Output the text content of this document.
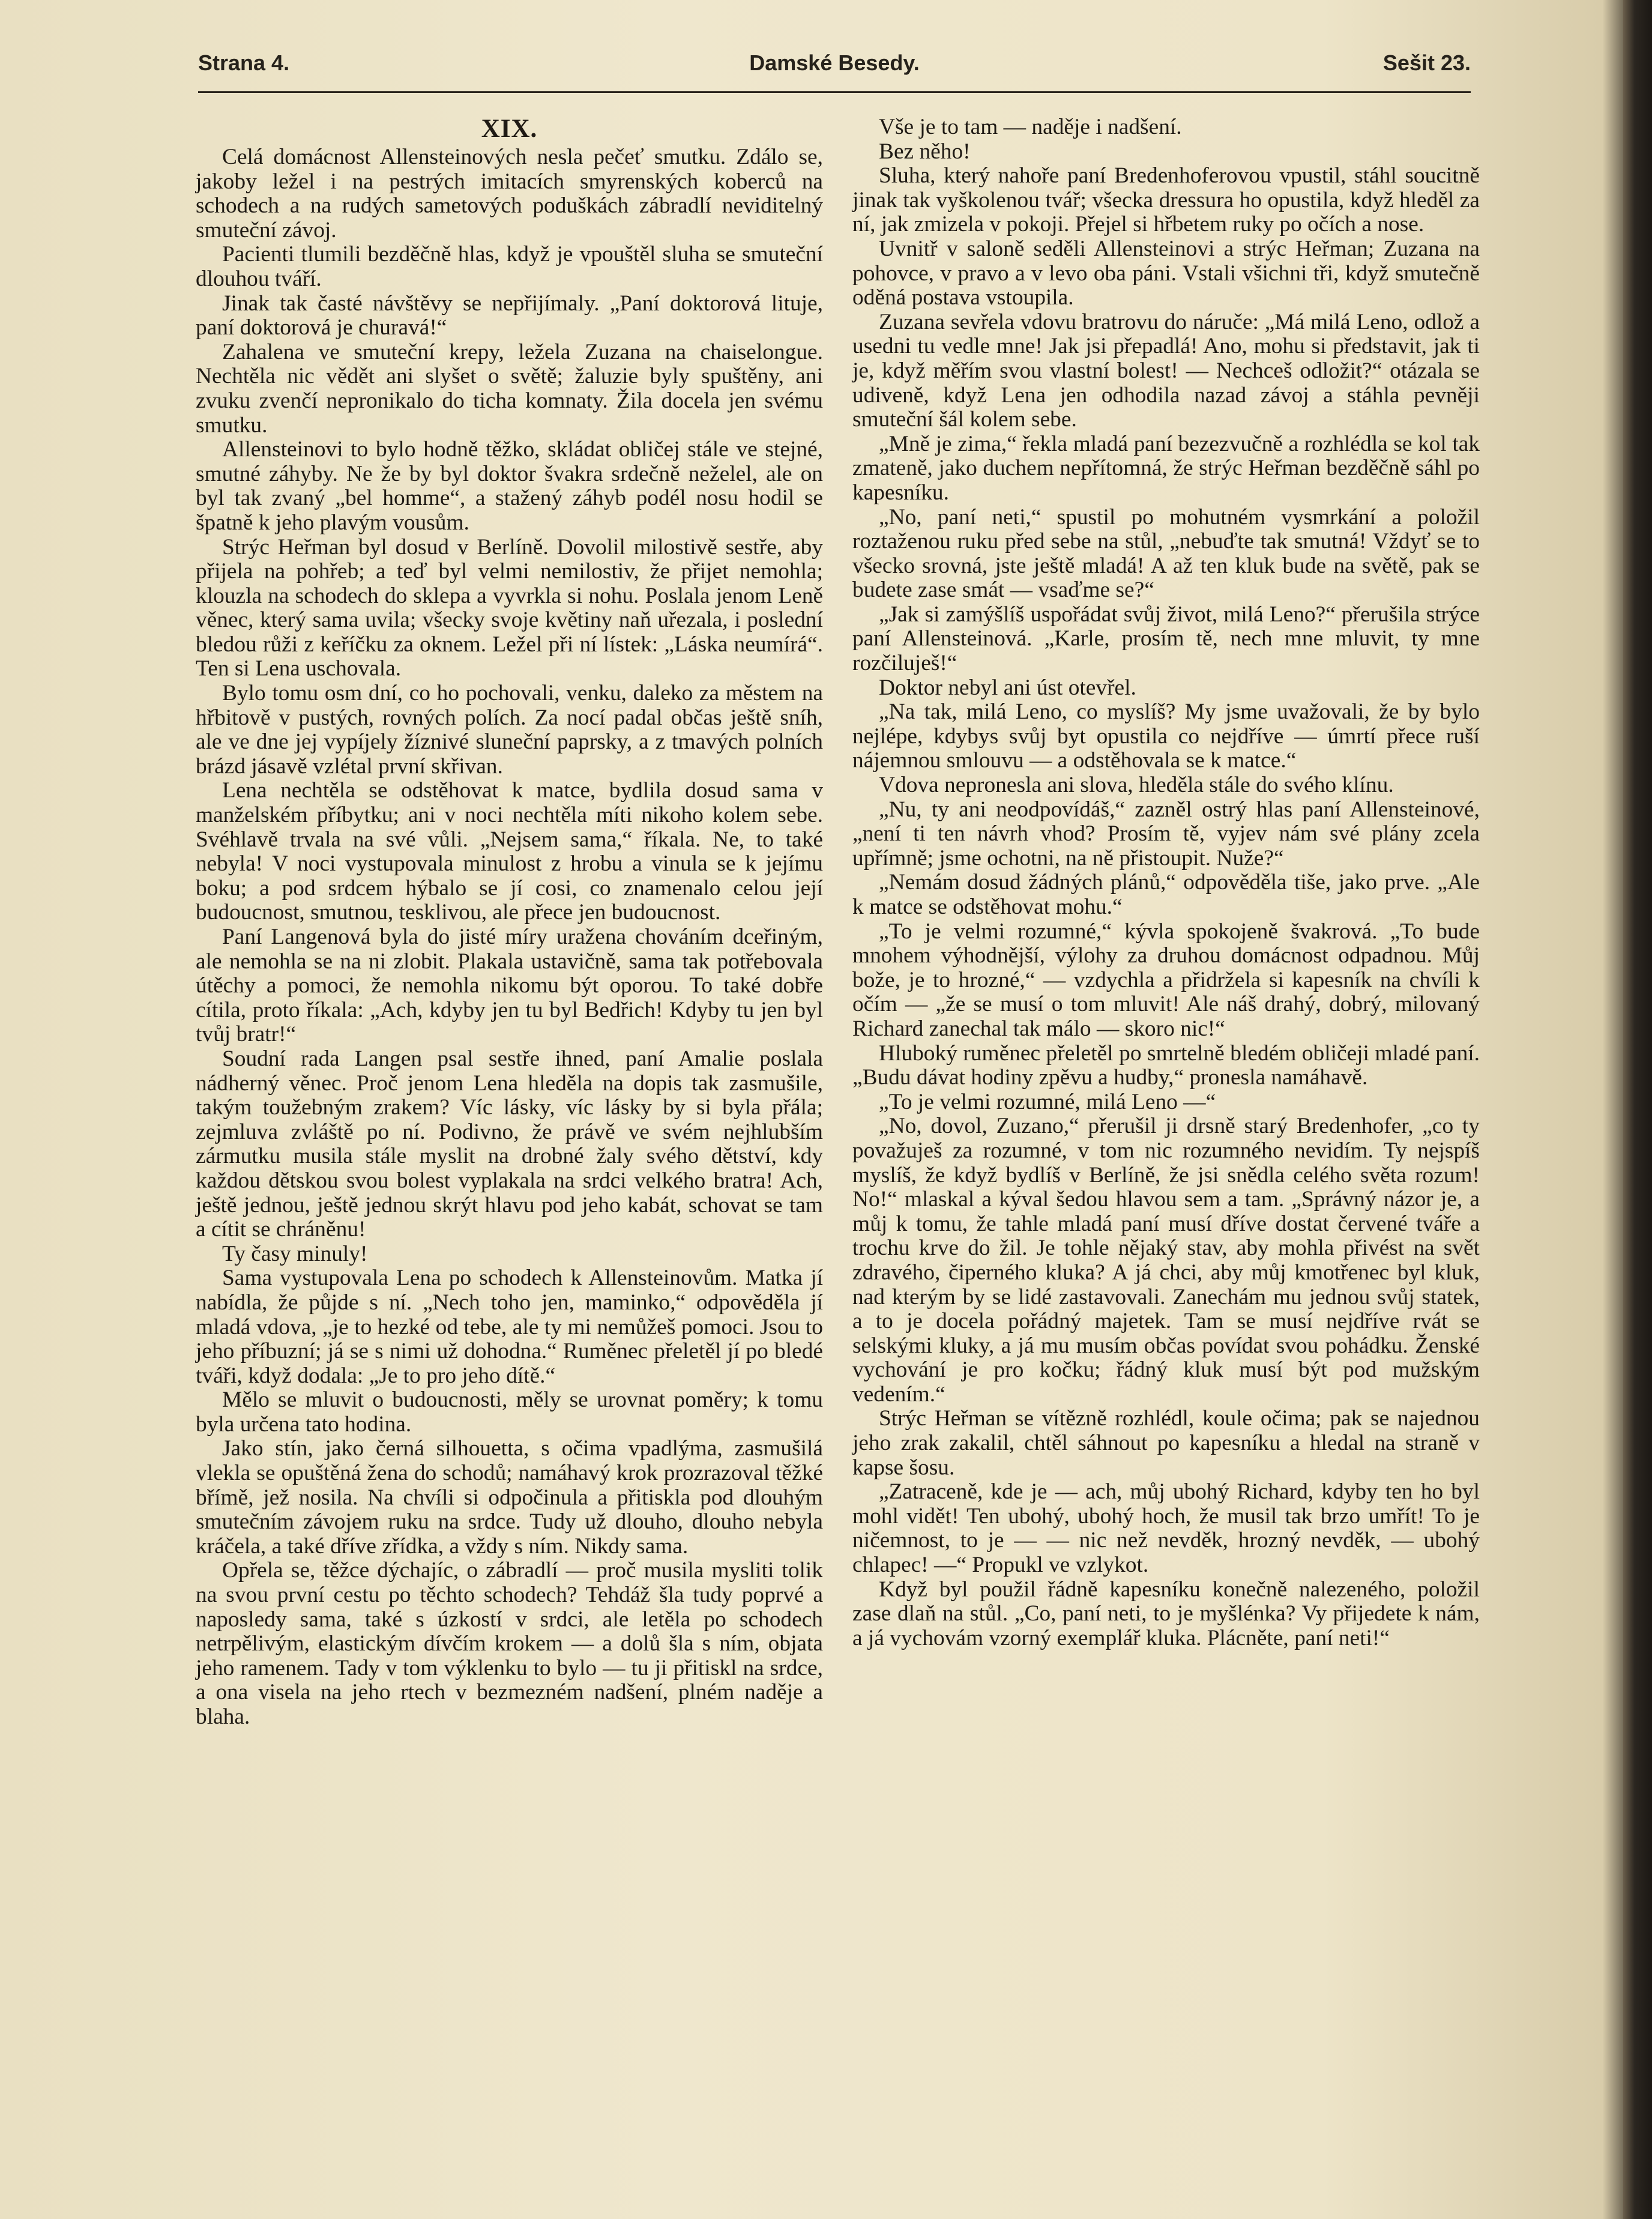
Strana 4.	Damské Besedy.	Sešit 23.
XIX.

Celá domácnost Allensteinových nesla pečeť smutku. Zdálo se, jakoby ležel i na pestrých imitacích smyrenských koberců na schodech a na rudých sametových poduškách zábradlí neviditelný smuteční závoj.

Pacienti tlumili bezděčně hlas, když je vpouštěl sluha se smuteční dlouhou tváří.

Jinak tak časté návštěvy se nepřijímaly. „Paní doktorová lituje, paní doktorová je churavá!“

Zahalena ve smuteční krepy, ležela Zuzana na chaiselongue. Nechtěla nic vědět ani slyšet o světě; žaluzie byly spuštěny, ani zvuku zvenčí nepronikalo do ticha komnaty. Žila docela jen svému smutku.

Allensteinovi to bylo hodně těžko, skládat obličej stále ve stejné, smutné záhyby. Ne že by byl doktor švakra srdečně neželel, ale on byl tak zvaný „bel homme“, a stažený záhyb podél nosu hodil se špatně k jeho plavým vousům.

Strýc Heřman byl dosud v Berlíně. Dovolil milostivě sestře, aby přijela na pohřeb; a teď byl velmi nemilostiv, že přijet nemohla; klouzla na schodech do sklepa a vyvrkla si nohu. Poslala jenom Leně věnec, který sama uvila; všecky svoje květiny naň uřezala, i poslední bledou růži z keříčku za oknem. Ležel při ní lístek: „Láska neumírá“. Ten si Lena uschovala.

Bylo tomu osm dní, co ho pochovali, venku, daleko za městem na hřbitově v pustých, rovných polích. Za nocí padal občas ještě sníh, ale ve dne jej vypíjely žíznivé sluneční paprsky, a z tmavých polních brázd jásavě vzlétal první skřivan.

Lena nechtěla se odstěhovat k matce, bydlila dosud sama v manželském příbytku; ani v noci nechtěla míti nikoho kolem sebe. Svéhlavě trvala na své vůli. „Nejsem sama,“ říkala. Ne, to také nebyla! V noci vystupovala minulost z hrobu a vinula se k jejímu boku; a pod srdcem hýbalo se jí cosi, co znamenalo celou její budoucnost, smutnou, tesklivou, ale přece jen budoucnost.

Paní Langenová byla do jisté míry uražena chováním dceřiným, ale nemohla se na ni zlobit. Plakala ustavičně, sama tak potřebovala útěchy a pomoci, že nemohla nikomu být oporou. To také dobře cítila, proto říkala: „Ach, kdyby jen tu byl Bedřich! Kdyby tu jen byl tvůj bratr!“

Soudní rada Langen psal sestře ihned, paní Amalie poslala nádherný věnec. Proč jenom Lena hleděla na dopis tak zasmušile, takým toužebným zrakem? Víc lásky, víc lásky by si byla přála; zejmluva zvláště po ní. Podivno, že právě ve svém nejhlubším zármutku musila stále myslit na drobné žaly svého dětství, kdy každou dětskou svou bolest vyplakala na srdci velkého bratra! Ach, ještě jednou, ještě jednou skrýt hlavu pod jeho kabát, schovat se tam a cítit se chráněnu!

Ty časy minuly!

Sama vystupovala Lena po schodech k Allensteinovům. Matka jí nabídla, že půjde s ní. „Nech toho jen, maminko,“ odpověděla jí mladá vdova, „je to hezké od tebe, ale ty mi nemůžeš pomoci. Jsou to jeho příbuzní; já se s nimi už dohodna.“ Ruměnec přeletěl jí po bledé tváři, když dodala: „Je to pro jeho dítě.“

Mělo se mluvit o budoucnosti, měly se urovnat poměry; k tomu byla určena tato hodina.

Jako stín, jako černá silhouetta, s očima vpadlýma, zasmušilá vlekla se opuštěná žena do schodů; namáhavý krok prozrazoval těžké břímě, jež nosila. Na chvíli si odpočinula a přitiskla pod dlouhým smutečním závojem ruku na srdce. Tudy už dlouho, dlouho nebyla kráčela, a také dříve zřídka, a vždy s ním. Nikdy sama.

Opřela se, těžce dýchajíc, o zábradlí — proč musila mysliti tolik na svou první cestu po těchto schodech? Tehdáž šla tudy poprvé a naposledy sama, také s úzkostí v srdci, ale letěla po schodech netrpělivým, elastickým dívčím krokem — a dolů šla s ním, objata jeho ramenem. Tady v tom výklenku to bylo — tu ji přitiskl na srdce, a ona visela na jeho rtech v bezmezném nadšení, plném naděje a blaha.

Vše je to tam — naděje i nadšení.

Bez něho!

Sluha, který nahoře paní Bredenhoferovou vpustil, stáhl soucitně jinak tak vyškolenou tvář; všecka dressura ho opustila, když hleděl za ní, jak zmizela v pokoji. Přejel si hřbetem ruky po očích a nose.

Uvnitř v saloně seděli Allensteinovi a strýc Heřman; Zuzana na pohovce, v pravo a v levo oba páni. Vstali všichni tři, když smutečně oděná postava vstoupila.

Zuzana sevřela vdovu bratrovu do náruče: „Má milá Leno, odlož a usedni tu vedle mne! Jak jsi přepadlá! Ano, mohu si představit, jak ti je, když měřím svou vlastní bolest! — Nechceš odložit?“ otázala se udiveně, když Lena jen odhodila nazad závoj a stáhla pevněji smuteční šál kolem sebe.

„Mně je zima,“ řekla mladá paní bezezvučně a rozhlédla se kol tak zmateně, jako duchem nepřítomná, že strýc Heřman bezděčně sáhl po kapesníku.

„No, paní neti,“ spustil po mohutném vysmrkání a položil roztaženou ruku před sebe na stůl, „nebuďte tak smutná! Vždyť se to všecko srovná, jste ještě mladá! A až ten kluk bude na světě, pak se budete zase smát — vsaďme se?“

„Jak si zamýšlíš uspořádat svůj život, milá Leno?“ přerušila strýce paní Allensteinová. „Karle, prosím tě, nech mne mluvit, ty mne rozčiluješ!“

Doktor nebyl ani úst otevřel.

„Na tak, milá Leno, co myslíš? My jsme uvažovali, že by bylo nejlépe, kdybys svůj byt opustila co nejdříve — úmrtí přece ruší nájemnou smlouvu — a odstěhovala se k matce.“

Vdova nepronesla ani slova, hleděla stále do svého klínu.

„Nu, ty ani neodpovídáš,“ zazněl ostrý hlas paní Allensteinové, „není ti ten návrh vhod? Prosím tě, vyjev nám své plány zcela upřímně; jsme ochotni, na ně přistoupit. Nuže?“

„Nemám dosud žádných plánů,“ odpověděla tiše, jako prve. „Ale k matce se odstěhovat mohu.“

„To je velmi rozumné,“ kývla spokojeně švakrová. „To bude mnohem výhodnější, výlohy za druhou domácnost odpadnou. Můj bože, je to hrozné,“ — vzdychla a přidržela si kapesník na chvíli k očím — „že se musí o tom mluvit! Ale náš drahý, dobrý, milovaný Richard zanechal tak málo — skoro nic!“

Hluboký ruměnec přeletěl po smrtelně bledém obličeji mladé paní. „Budu dávat hodiny zpěvu a hudby,“ pronesla namáhavě.

„To je velmi rozumné, milá Leno —“

„No, dovol, Zuzano,“ přerušil ji drsně starý Bredenhofer, „co ty považuješ za rozumné, v tom nic rozumného nevidím. Ty nejspíš myslíš, že když bydlíš v Berlíně, že jsi snědla celého světa rozum! No!“ mlaskal a kýval šedou hlavou sem a tam. „Správný názor je, a můj k tomu, že tahle mladá paní musí dříve dostat červené tváře a trochu krve do žil. Je tohle nějaký stav, aby mohla přivést na svět zdravého, čiperného kluka? A já chci, aby můj kmotřenec byl kluk, nad kterým by se lidé zastavovali. Zanechám mu jednou svůj statek, a to je docela pořádný majetek. Tam se musí nejdříve rvát se selskými kluky, a já mu musím občas povídat svou pohádku. Ženské vychování je pro kočku; řádný kluk musí být pod mužským vedením.“

Strýc Heřman se vítězně rozhlédl, koule očima; pak se najednou jeho zrak zakalil, chtěl sáhnout po kapesníku a hledal na straně v kapse šosu.

„Zatraceně, kde je — ach, můj ubohý Richard, kdyby ten ho byl mohl vidět! Ten ubohý, ubohý hoch, že musil tak brzo umřít! To je ničemnost, to je — — nic než nevděk, hrozný nevděk, — ubohý chlapec! —“ Propukl ve vzlykot.

Když byl použil řádně kapesníku konečně nalezeného, položil zase dlaň na stůl. „Co, paní neti, to je myšlénka? Vy přijedete k nám, a já vychovám vzorný exemplář kluka. Plácněte, paní neti!“
